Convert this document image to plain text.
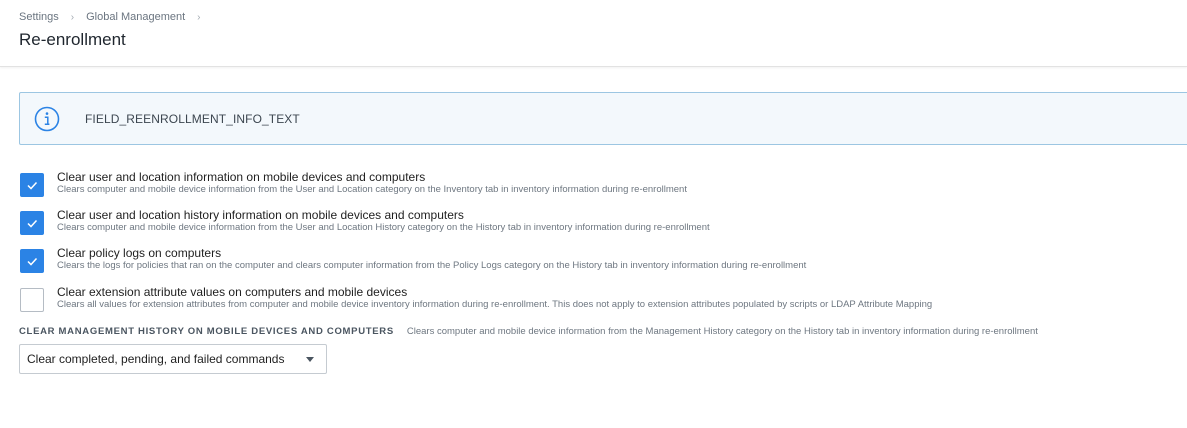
Settings › Global Management ›
Re-enrollment
FIELD_REENROLLMENT_INFO_TEXT
Clear user and location information on mobile devices and computers
Clears computer and mobile device information from the User and Location category on the Inventory tab in inventory information during re-enrollment
Clear user and location history information on mobile devices and computers
Clears computer and mobile device information from the User and Location History category on the History tab in inventory information during re-enrollment
Clear policy logs on computers
Clears the logs for policies that ran on the computer and clears computer information from the Policy Logs category on the History tab in inventory information during re-enrollment
Clear extension attribute values on computers and mobile devices
Clears all values for extension attributes from computer and mobile device inventory information during re-enrollment. This does not apply to extension attributes populated by scripts or LDAP Attribute Mapping
CLEAR MANAGEMENT HISTORY ON MOBILE DEVICES AND COMPUTERS Clears computer and mobile device information from the Management History category on the History tab in inventory information during re-enrollment
Clear completed, pending, and failed commands
